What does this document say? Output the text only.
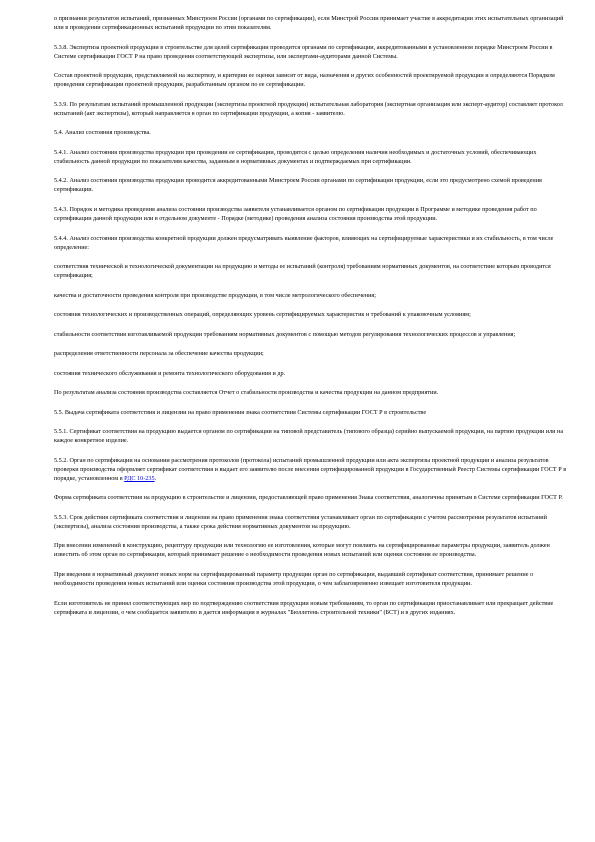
о признании результатов испытаний, признанных Минстроем России (органами по сертификации), если Минстрой России принимает участие в аккредитации этих испытательных организаций или в проведении сертификационных испытаний продукции по этим показателям.

5.3.8. Экспертиза проектной продукции в строительстве для целей сертификации проводится органами по сертификации, аккредитованными в установленном порядке Минстроем России в Системе сертификации ГОСТ Р на право проведения соответствующей экспертизы, или экспертами-аудиторами данной Системы.

Состав проектной продукции, представляемой на экспертизу, и критерии ее оценки зависят от вида, назначения и других особенностей проектируемой продукции и определяются Порядком проведения сертификации проектной продукции, разработанным органом по ее сертификации.

5.3.9. По результатам испытаний промышленной продукции (экспертизы проектной продукции) испытательная лаборатория (экспертная организация или эксперт-аудитор) составляет протокол испытаний (акт экспертизы), который направляется в орган по сертификации продукции, а копия - заявителю.

5.4. Анализ состояния производства.

5.4.1. Анализ состояния производства продукции при проведении ее сертификации, проводится с целью определения наличия необходимых и достаточных условий, обеспечивающих стабильность данной продукции по показателям качества, заданным в нормативных документах и подтверждаемых при сертификации.

5.4.2. Анализ состояния производства продукции проводится аккредитованными Минстроем России органами по сертификации продукции, если это предусмотрено схемой проведения сертификации.

5.4.3. Порядок и методика проведения анализа состояния производства заявителя устанавливается органом по сертификации продукции в Программе и методике проведения работ по сертификации данной продукции или в отдельном документе - Порядке (методике) проведения анализа состояния производства этой продукции.

5.4.4. Анализ состояния производства конкретной продукции должен предусматривать выявление факторов, влияющих на сертифицируемые характеристики и их стабильность, в том числе определение:

соответствия технической и технологической документации на продукцию и методы ее испытаний (контроля) требованиям нормативных документов, на соответствие которым проводится сертификация;

качества и достаточности проведения контроля при производстве продукции, в том числе метрологического обеспечения;

состояния технологических и производственных операций, определяющих уровень сертифицируемых характеристик и требований к упаковочным условиям;

стабильности соответствия изготавливаемой продукции требованиям нормативных документов с помощью методов регулирования технологических процессов и управления;

распределения ответственности персонала за обеспечение качества продукции;

состояния технического обслуживания и ремонта технологического оборудования и др.

По результатам анализа состояния производства составляется Отчет о стабильности производства и качества продукции на данном предприятии.

5.5. Выдача сертификата соответствия и лицензии на право применения знака соответствия Системы сертификации ГОСТ Р в строительстве

5.5.1. Сертификат соответствия на продукцию выдается органом по сертификации на типовой представитель (типового образца) серийно выпускаемой продукции, на партию продукции или на каждое конкретное изделие.

5.5.2. Орган по сертификации на основании рассмотрения протоколов (протокола) испытаний промышленной продукции или акта экспертизы проектной продукции и анализа результатов проверки производства оформляет сертификат соответствия и выдает его заявителю после внесения сертифицированной продукции в Государственный Реестр Системы сертификации ГОСТ Р в порядке, установленном в РДС 10-235.

Форма сертификата соответствия на продукцию в строительстве и лицензии, предоставляющей право применения Знака соответствия, аналогичны принятым в Системе сертификации ГОСТ Р.

5.5.3. Срок действия сертификата соответствия и лицензии на право применения знака соответствия устанавливает орган по сертификации с учетом рассмотрения результатов испытаний (экспертизы), анализа состояния производства, а также срока действия нормативных документов на продукцию.

При внесении изменений в конструкцию, рецептуру продукции или технологию ее изготовления, которые могут повлиять на сертифицированные параметры продукции, заявитель должен известить об этом орган по сертификации, который принимает решение о необходимости проведения новых испытаний или оценки состояния ее производства.

При введении в нормативный документ новых норм на сертифицированный параметр продукции орган по сертификации, выдавший сертификат соответствия, принимает решение о необходимости проведения новых испытаний или оценки состояния производства этой продукции, о чем заблаговременно извещает изготовителя продукции.

Если изготовитель не принял соответствующих мер по подтверждению соответствия продукции новым требованиям, то орган по сертификации приостанавливает или прекращает действие сертификата и лицензии, о чем сообщается заявителю и дается информация в журналах "Бюллетень строительной техники" (БСТ) и в других изданиях.
